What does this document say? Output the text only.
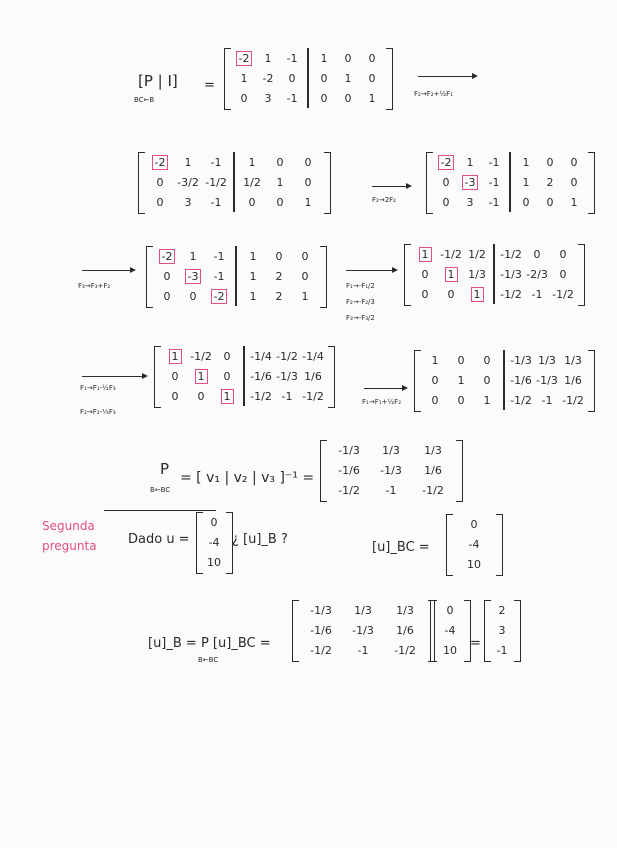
[P | I]
BC←B
=
-2 1 -1 1 0 0
1 -2 0 0 1 0
0 3 -1 0 0 1	F₂→F₂+½F₁
-2 1 -1 1 0 0
0 -3/2 -1/2 1/2 1 0
0 3 -1 0 0 1	F₂→2F₂
-2 1 -1 1 0 0
0 -3 -1 1 2 0
0 3 -1 0 0 1
F₃→F₃+F₂
-2 1 -1 1 0 0
0 -3 -1 1 2 0
0 0 -2 1 2 1
F₁→-F₁/2
F₂→-F₂/3
F₃→-F₃/2
1 -1/2 1/2 -1/2 0 0
0 1 1/3 -1/3 -2/3 0
0 0 1 -1/2 -1 -1/2
F₁→F₁-½F₃
F₂→F₂-⅓F₃
1 -1/2 0 -1/4 -1/2 -1/4
0 1 0 -1/6 -1/3 1/6
0 0 1 -1/2 -1 -1/2	F₁→F₁+½F₂
1 0 0 -1/3 1/3 1/3
0 1 0 -1/6 -1/3 1/6
0 0 1 -1/2 -1 -1/2
P
B←BC
= [ v₁ | v₂ | v₃ ]⁻¹ =
-1/3 1/3 1/3
-1/6 -1/3 1/6
-1/2 -1 -1/2
Segunda pregunta	Dado u =
0
-4
10
¿ [u]_B ?
[u]_BC =
0
-4
10
[u]_B = P [u]_BC =
B←BC
-1/3 1/3 1/3
-1/6 -1/3 1/6
-1/2 -1 -1/2
0
-4
10 =
2
3
-1
